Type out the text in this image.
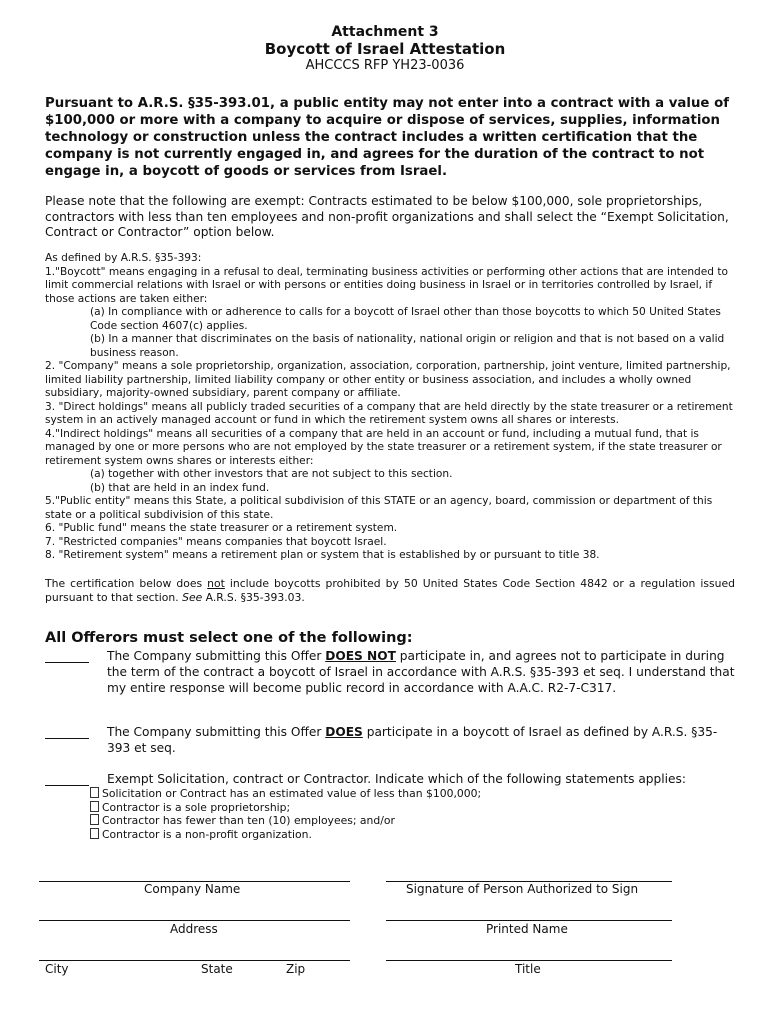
Attachment 3
Boycott of Israel Attestation
AHCCCS RFP YH23-0036
Pursuant to A.R.S. §35-393.01, a public entity may not enter into a contract with a value of $100,000 or more with a company to acquire or dispose of services, supplies, information technology or construction unless the contract includes a written certification that the company is not currently engaged in, and agrees for the duration of the contract to not engage in, a boycott of goods or services from Israel.
Please note that the following are exempt: Contracts estimated to be below $100,000, sole proprietorships, contractors with less than ten employees and non-profit organizations and shall select the “Exempt Solicitation, Contract or Contractor” option below.

As defined by A.R.S. §35-393:

1."Boycott" means engaging in a refusal to deal, terminating business activities or performing other actions that are intended to limit commercial relations with Israel or with persons or entities doing business in Israel or in territories controlled by Israel, if those actions are taken either:

(a) In compliance with or adherence to calls for a boycott of Israel other than those boycotts to which 50 United States Code section 4607(c) applies.

(b) In a manner that discriminates on the basis of nationality, national origin or religion and that is not based on a valid business reason.

2. "Company" means a sole proprietorship, organization, association, corporation, partnership, joint venture, limited partnership, limited liability partnership, limited liability company or other entity or business association, and includes a wholly owned subsidiary, majority-owned subsidiary, parent company or affiliate.

3. "Direct holdings" means all publicly traded securities of a company that are held directly by the state treasurer or a retirement system in an actively managed account or fund in which the retirement system owns all shares or interests.

4."Indirect holdings" means all securities of a company that are held in an account or fund, including a mutual fund, that is managed by one or more persons who are not employed by the state treasurer or a retirement system, if the state treasurer or retirement system owns shares or interests either:

(a) together with other investors that are not subject to this section.

(b) that are held in an index fund.

5."Public entity" means this State, a political subdivision of this STATE or an agency, board, commission or department of this state or a political subdivision of this state.

6. "Public fund" means the state treasurer or a retirement system.

7. "Restricted companies" means companies that boycott Israel.

8. "Retirement system" means a retirement plan or system that is established by or pursuant to title 38.

The certification below does not include boycotts prohibited by 50 United States Code Section 4842 or a regulation issued pursuant to that section. See A.R.S. §35-393.03.
All Offerors must select one of the following:
The Company submitting this Offer DOES NOT participate in, and agrees not to participate in during the term of the contract a boycott of Israel in accordance with A.R.S. §35-393 et seq. I understand that my entire response will become public record in accordance with A.A.C. R2-7-C317.
The Company submitting this Offer DOES participate in a boycott of Israel as defined by A.R.S. §35-393 et seq.
Exempt Solicitation, contract or Contractor. Indicate which of the following statements applies:
Solicitation or Contract has an estimated value of less than $100,000;
Contractor is a sole proprietorship;
Contractor has fewer than ten (10) employees; and/or
Contractor is a non-profit organization.
Company Name	Signature of Person Authorized to Sign
Address	Printed Name
City	State	Zip	Title
